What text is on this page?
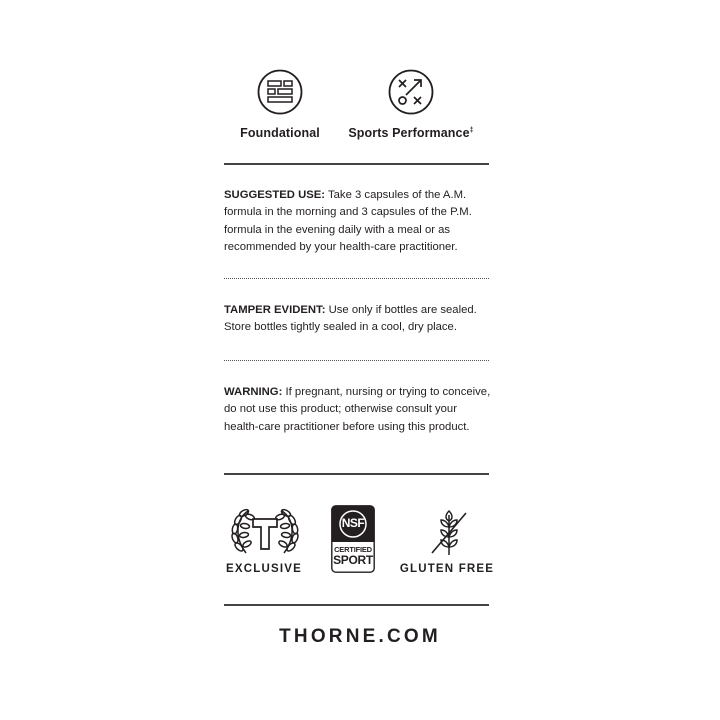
Foundational Sports Performance‡
SUGGESTED USE: Take 3 capsules of the A.M. formula in the morning and 3 capsules of the P.M. formula in the evening daily with a meal or as recommended by your health-care practitioner.
TAMPER EVIDENT: Use only if bottles are sealed. Store bottles tightly sealed in a cool, dry place.
WARNING: If pregnant, nursing or trying to conceive, do not use this product; otherwise consult your health-care practitioner before using this product.
EXCLUSIVE
NSF
CERTIFIED
SPORT
GLUTEN FREE
THORNE.COM
